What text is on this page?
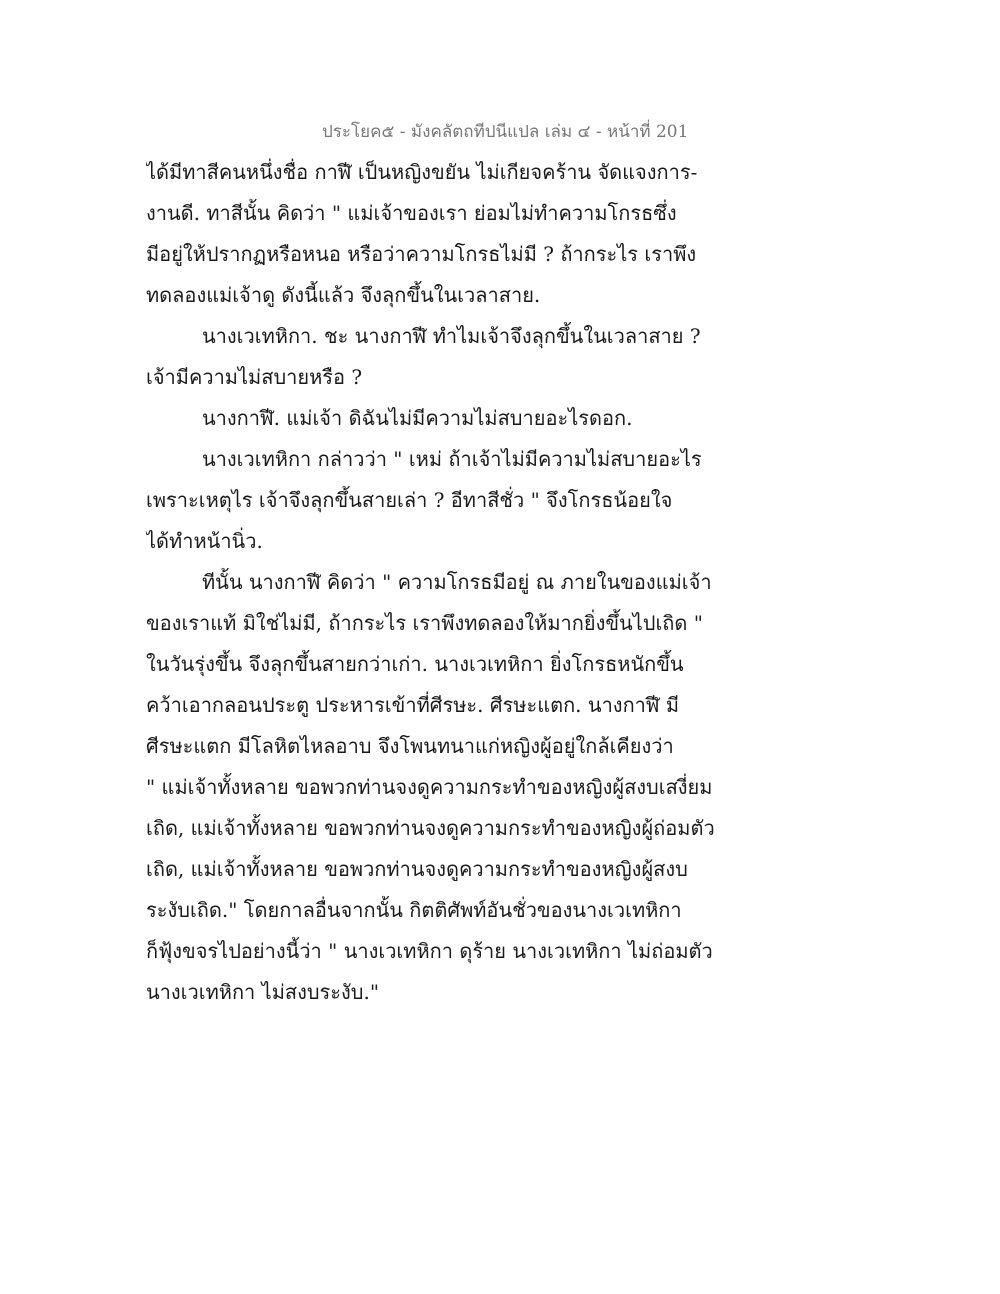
ประโยค๕ - มังคลัตถทีปนีแปล เล่ม ๔ - หน้าที่ 201
ได้มีทาสีคนหนึ่งชื่อ กาฬี เป็นหญิงขยัน ไม่เกียจคร้าน จัดแจงการ-
งานดี. ทาสีนั้น คิดว่า " แม่เจ้าของเรา ย่อมไม่ทำความโกรธซึ่ง
มีอยู่ให้ปรากฏหรือหนอ หรือว่าความโกรธไม่มี ? ถ้ากระไร เราพึง
ทดลองแม่เจ้าดู ดังนี้แล้ว จึงลุกขึ้นในเวลาสาย.
นางเวเทหิกา. ชะ นางกาฬี ทำไมเจ้าจึงลุกขึ้นในเวลาสาย ?
เจ้ามีความไม่สบายหรือ ?
นางกาฬี. แม่เจ้า ดิฉันไม่มีความไม่สบายอะไรดอก.
นางเวเทหิกา กล่าวว่า " เหม่ ถ้าเจ้าไม่มีความไม่สบายอะไร
เพราะเหตุไร เจ้าจึงลุกขึ้นสายเล่า ? อีทาสีชั่ว " จึงโกรธน้อยใจ
ได้ทำหน้านิ่ว.
ทีนั้น นางกาฬี คิดว่า " ความโกรธมีอยู่ ณ ภายในของแม่เจ้า
ของเราแท้ มิใช่ไม่มี, ถ้ากระไร เราพึงทดลองให้มากยิ่งขึ้นไปเถิด "
ในวันรุ่งขึ้น จึงลุกขึ้นสายกว่าเก่า. นางเวเทหิกา ยิ่งโกรธหนักขึ้น
คว้าเอากลอนประตู ประหารเข้าที่ศีรษะ. ศีรษะแตก. นางกาฬี มี
ศีรษะแตก มีโลหิตไหลอาบ จึงโพนทนาแก่หญิงผู้อยู่ใกล้เคียงว่า
" แม่เจ้าทั้งหลาย ขอพวกท่านจงดูความกระทำของหญิงผู้สงบเสงี่ยม
เถิด, แม่เจ้าทั้งหลาย ขอพวกท่านจงดูความกระทำของหญิงผู้ถ่อมตัว
เถิด, แม่เจ้าทั้งหลาย ขอพวกท่านจงดูความกระทำของหญิงผู้สงบ
ระงับเถิด." โดยกาลอื่นจากนั้น กิตติศัพท์อันชั่วของนางเวเทหิกา
ก็ฟุ้งขจรไปอย่างนี้ว่า " นางเวเทหิกา ดุร้าย นางเวเทหิกา ไม่ถ่อมตัว
นางเวเทหิกา ไม่สงบระงับ."
